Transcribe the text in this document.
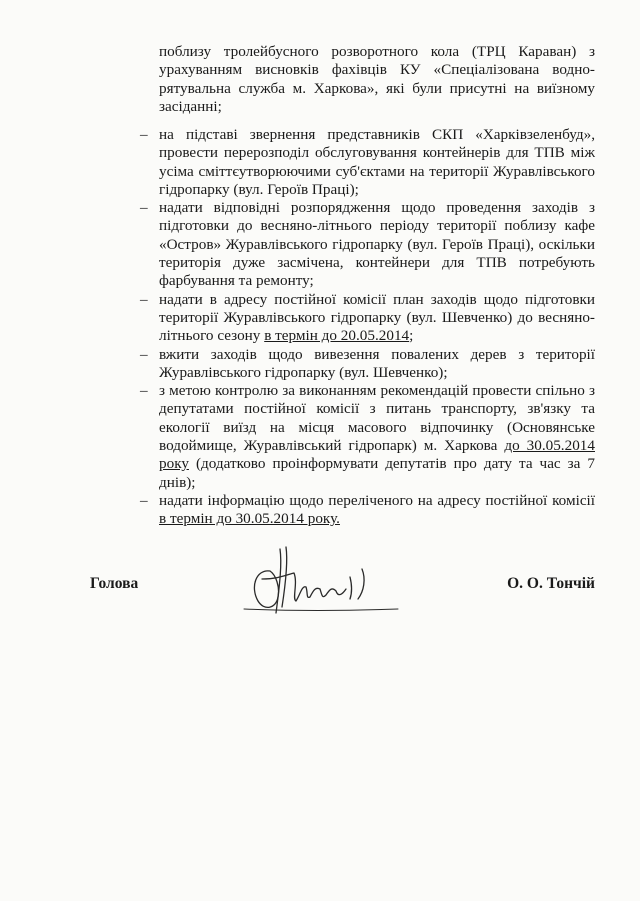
поблизу тролейбусного розворотного кола (ТРЦ Караван) з урахуванням висновків фахівців КУ «Спеціалізована водно-рятувальна служба м. Харкова», які були присутні на виїзному засіданні;

– на підставі звернення представників СКП «Харківзеленбуд», провести перерозподіл обслуговування контейнерів для ТПВ між усіма сміттєутворюючими суб'єктами на території Журавлівського гідропарку (вул. Героїв Праці);
– надати відповідні розпорядження щодо проведення заходів з підготовки до весняно-літнього періоду території поблизу кафе «Остров» Журавлівського гідропарку (вул. Героїв Праці), оскільки територія дуже засмічена, контейнери для ТПВ потребують фарбування та ремонту;
– надати в адресу постійної комісії план заходів щодо підготовки території Журавлівського гідропарку (вул. Шевченко) до весняно-літнього сезону в термін до 20.05.2014;
– вжити заходів щодо вивезення повалених дерев з території Журавлівського гідропарку (вул. Шевченко);
– з метою контролю за виконанням рекомендацій провести спільно з депутатами постійної комісії з питань транспорту, зв'язку та екології виїзд на місця масового відпочинку (Основянське водоймище, Журавлівський гідропарк) м. Харкова до 30.05.2014 року (додатково проінформувати депутатів про дату та час за 7 днів);
– надати інформацію щодо переліченого на адресу постійної комісії в термін до 30.05.2014 року.
Голова	О. О. Тончій
